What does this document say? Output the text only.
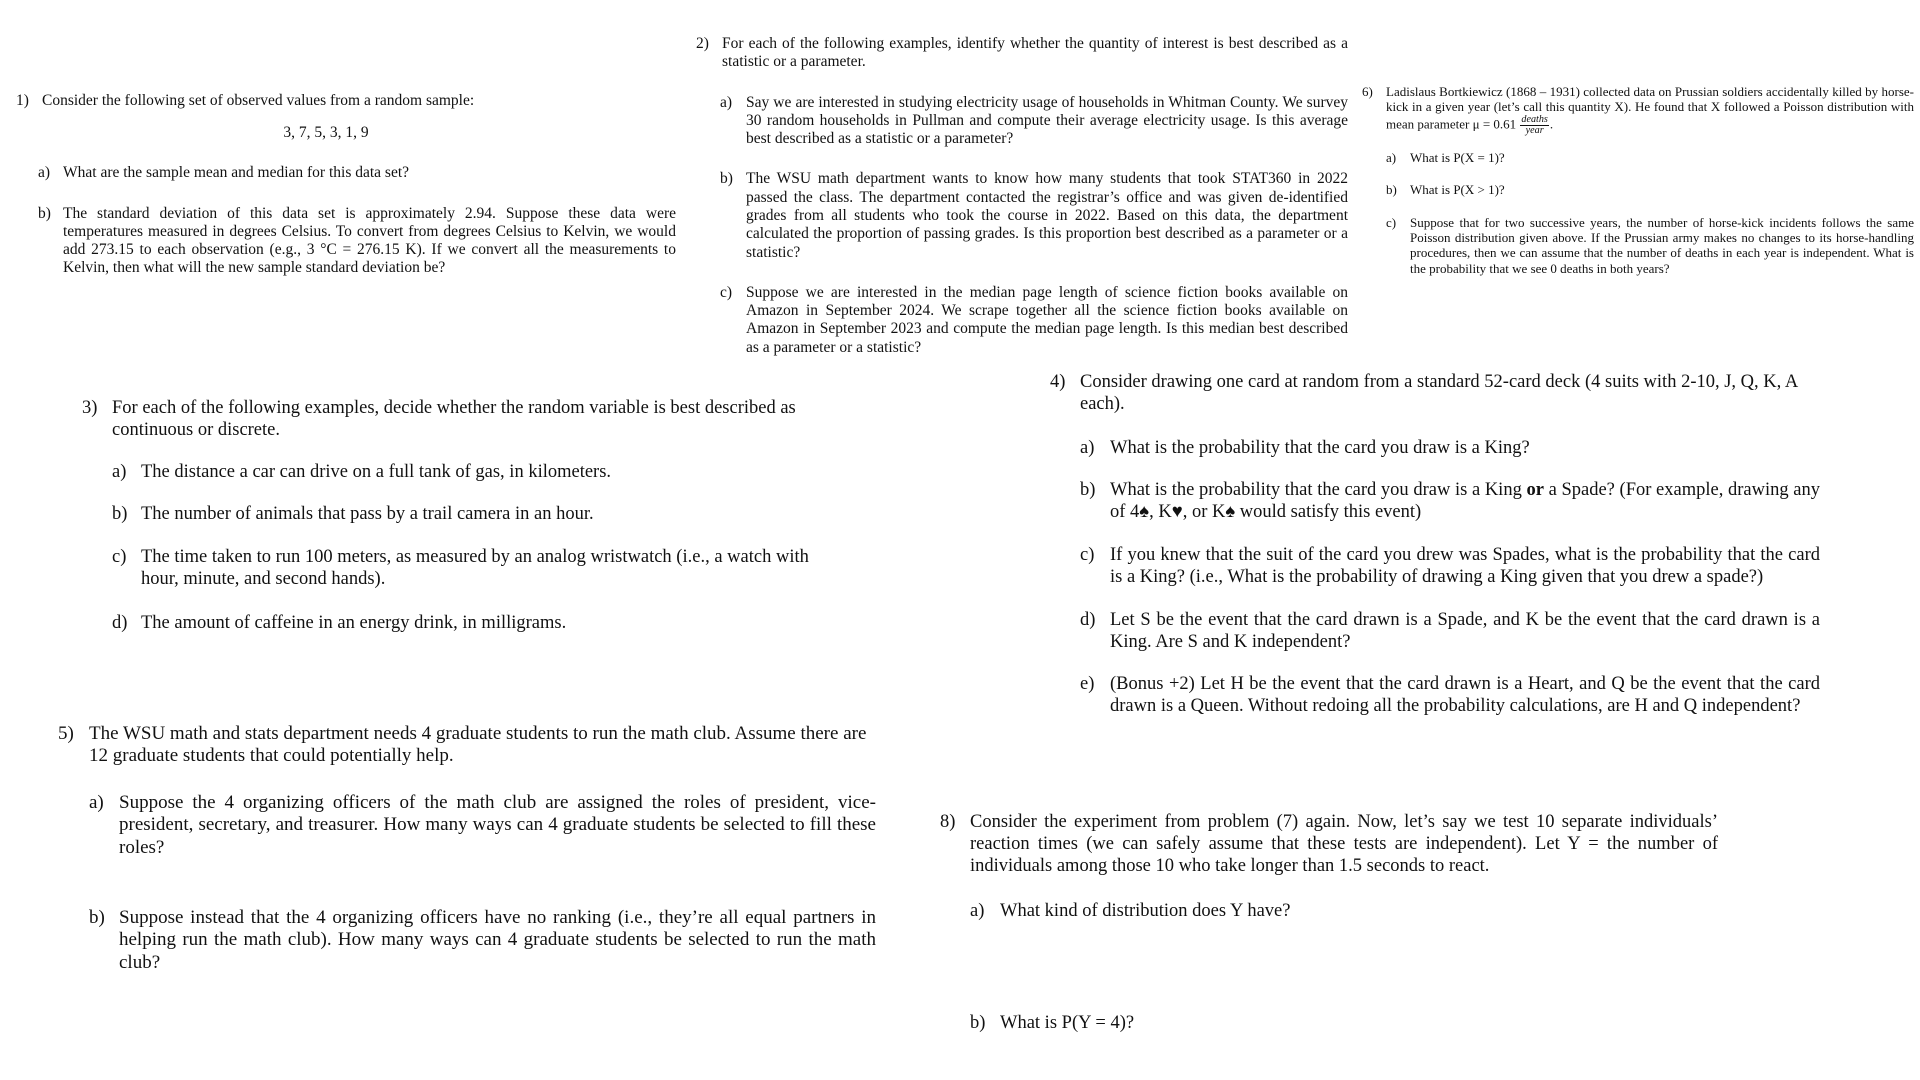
1) Consider the following set of observed values from a random sample:
3, 7, 5, 3, 1, 9
a) What are the sample mean and median for this data set?
b) The standard deviation of this data set is approximately 2.94. Suppose these data were temperatures measured in degrees Celsius. To convert from degrees Celsius to Kelvin, we would add 273.15 to each observation (e.g., 3 °C = 276.15 K). If we convert all the measurements to Kelvin, then what will the new sample standard deviation be?
2) For each of the following examples, identify whether the quantity of interest is best described as a statistic or a parameter.
a) Say we are interested in studying electricity usage of households in Whitman County. We survey 30 random households in Pullman and compute their average electricity usage. Is this average best described as a statistic or a parameter?
b) The WSU math department wants to know how many students that took STAT360 in 2022 passed the class. The department contacted the registrar’s office and was given de-identified grades from all students who took the course in 2022. Based on this data, the department calculated the proportion of passing grades. Is this proportion best described as a parameter or a statistic?
c) Suppose we are interested in the median page length of science fiction books available on Amazon in September 2024. We scrape together all the science fiction books available on Amazon in September 2023 and compute the median page length. Is this median best described as a parameter or a statistic?
6)	Ladislaus Bortkiewicz (1868 – 1931) collected data on Prussian soldiers accidentally killed by horse-kick in a given year (let’s call this quantity X). He found that X followed a Poisson distribution with mean parameter $\mu = 0.61 \frac{\text{deaths}}{\text{year}}$ .
a)	What is P(X = 1)?
b)	What is P(X > 1)?
c)	Suppose that for two successive years, the number of horse-kick incidents follows the same Poisson distribution given above. If the Prussian army makes no changes to its horse-handling procedures, then we can assume that the number of deaths in each year is independent. What is the probability that we see 0 deaths in both years?
3) For each of the following examples, decide whether the random variable is best described as continuous or discrete.
a) The distance a car can drive on a full tank of gas, in kilometers.
b) The number of animals that pass by a trail camera in an hour.
c) The time taken to run 100 meters, as measured by an analog wristwatch (i.e., a watch with hour, minute, and second hands).
d) The amount of caffeine in an energy drink, in milligrams.
4) Consider drawing one card at random from a standard 52-card deck (4 suits with 2-10, J, Q, K, A each).
a) What is the probability that the card you draw is a King?
b) What is the probability that the card you draw is a King or a Spade? (For example, drawing any of 4♠, K♥, or K♠ would satisfy this event)
c) If you knew that the suit of the card you drew was Spades, what is the probability that the card is a King? (i.e., What is the probability of drawing a King given that you drew a spade?)
d) Let S be the event that the card drawn is a Spade, and K be the event that the card drawn is a King. Are S and K independent?
e) (Bonus +2) Let H be the event that the card drawn is a Heart, and Q be the event that the card drawn is a Queen. Without redoing all the probability calculations, are H and Q independent?
5) The WSU math and stats department needs 4 graduate students to run the math club. Assume there are 12 graduate students that could potentially help.
a) Suppose the 4 organizing officers of the math club are assigned the roles of president, vice-president, secretary, and treasurer. How many ways can 4 graduate students be selected to fill these roles?
b) Suppose instead that the 4 organizing officers have no ranking (i.e., they’re all equal partners in helping run the math club). How many ways can 4 graduate students be selected to run the math club?
8) Consider the experiment from problem (7) again. Now, let’s say we test 10 separate individuals’ reaction times (we can safely assume that these tests are independent). Let Y = the number of individuals among those 10 who take longer than 1.5 seconds to react.
a) What kind of distribution does Y have?
b) What is P(Y = 4)?
